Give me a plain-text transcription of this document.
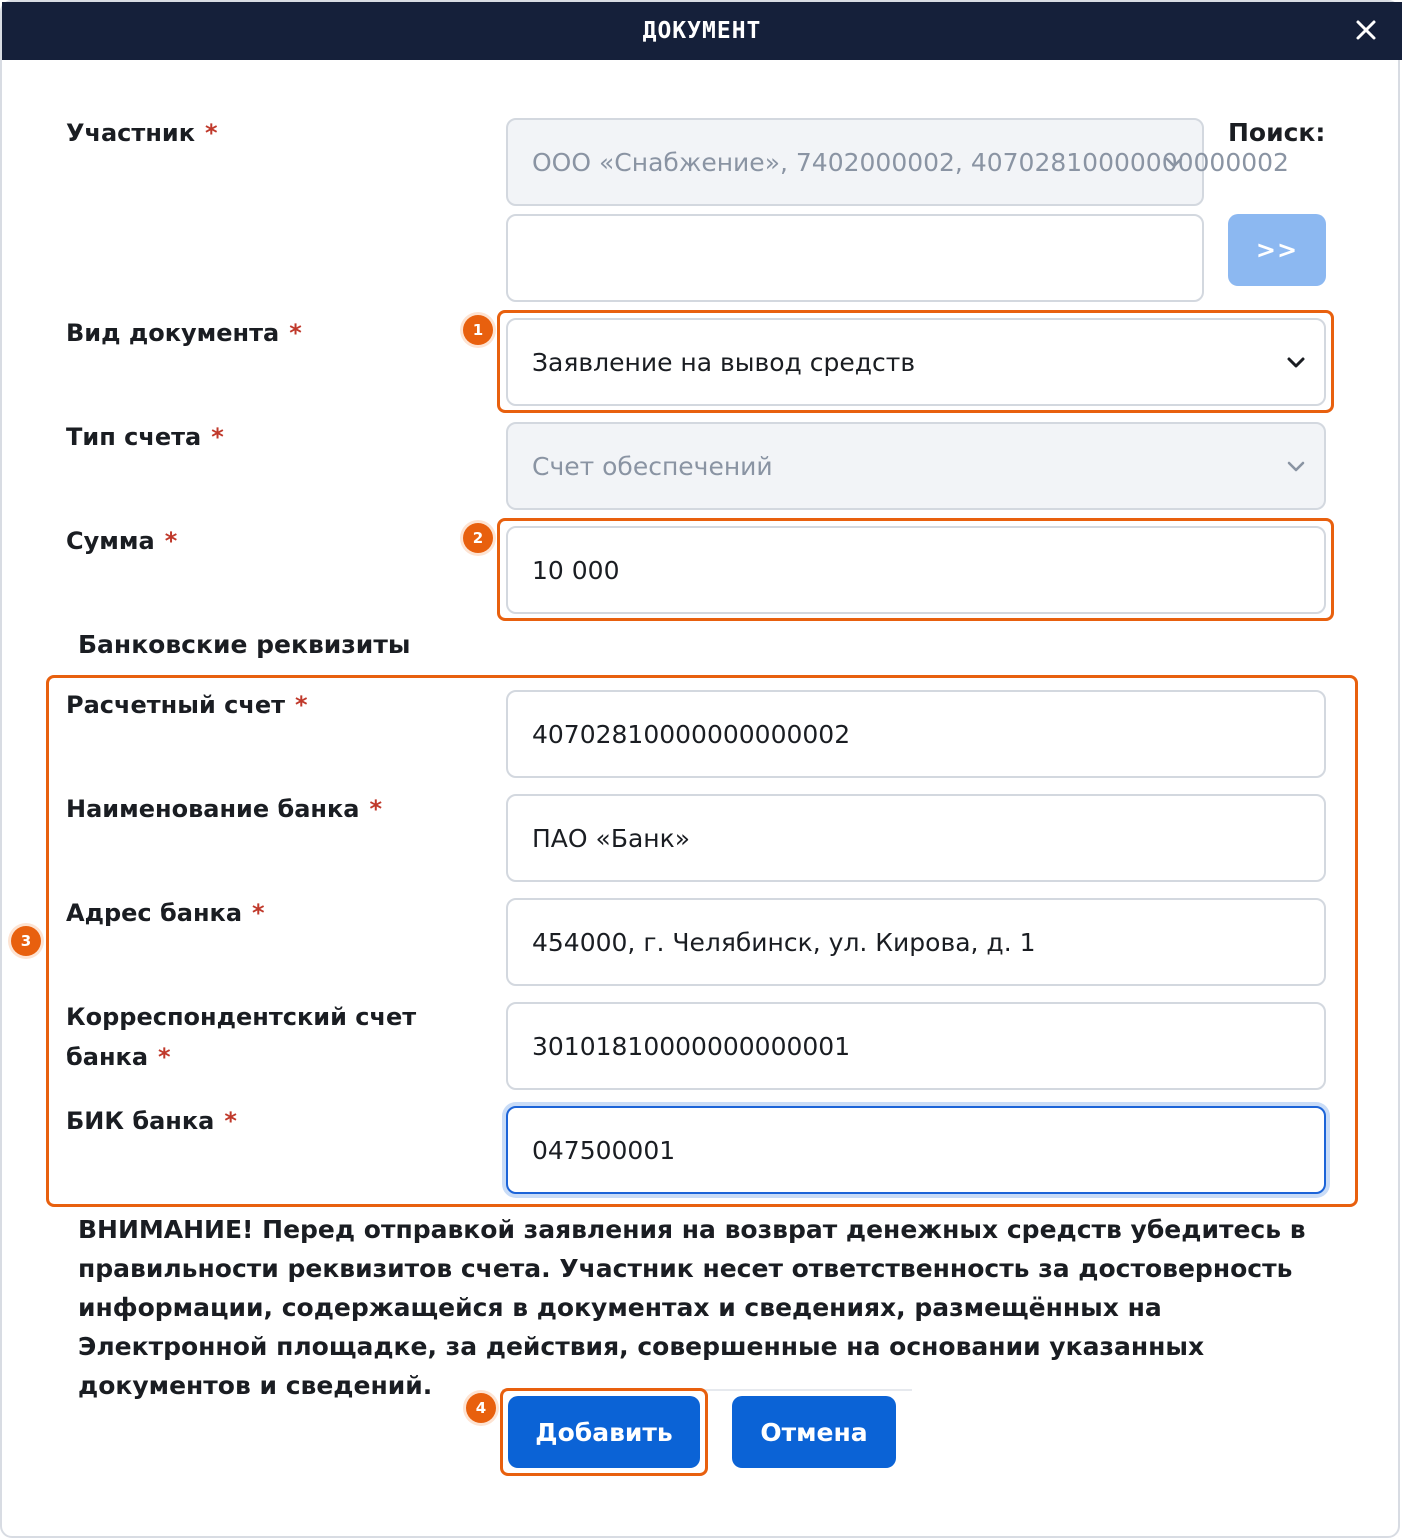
ДОКУМЕНТ
Участник *
ООО «Снабжение», 7402000002, 40702810000000000002
Поиск:
>>
Вид документа *
Заявление на вывод средств
1
Тип счета *
Счет обеспечений
Сумма *
10 000
2
Банковские реквизиты
Расчетный счет *
40702810000000000002
Наименование банка *
ПАО «Банк»
Адрес банка *
454000, г. Челябинск, ул. Кирова, д. 1
Корреспондентский счет
банка *	30101810000000000001
БИК банка *
047500001
3
ВНИМАНИЕ! Перед отправкой заявления на возврат денежных средств убедитесь в правильности реквизитов счета. Участник несет ответственность за достоверность информации, содержащейся в документах и сведениях, размещённых на Электронной площадке, за действия, совершенные на основании указанных документов и сведений.
Добавить	Отмена
4
